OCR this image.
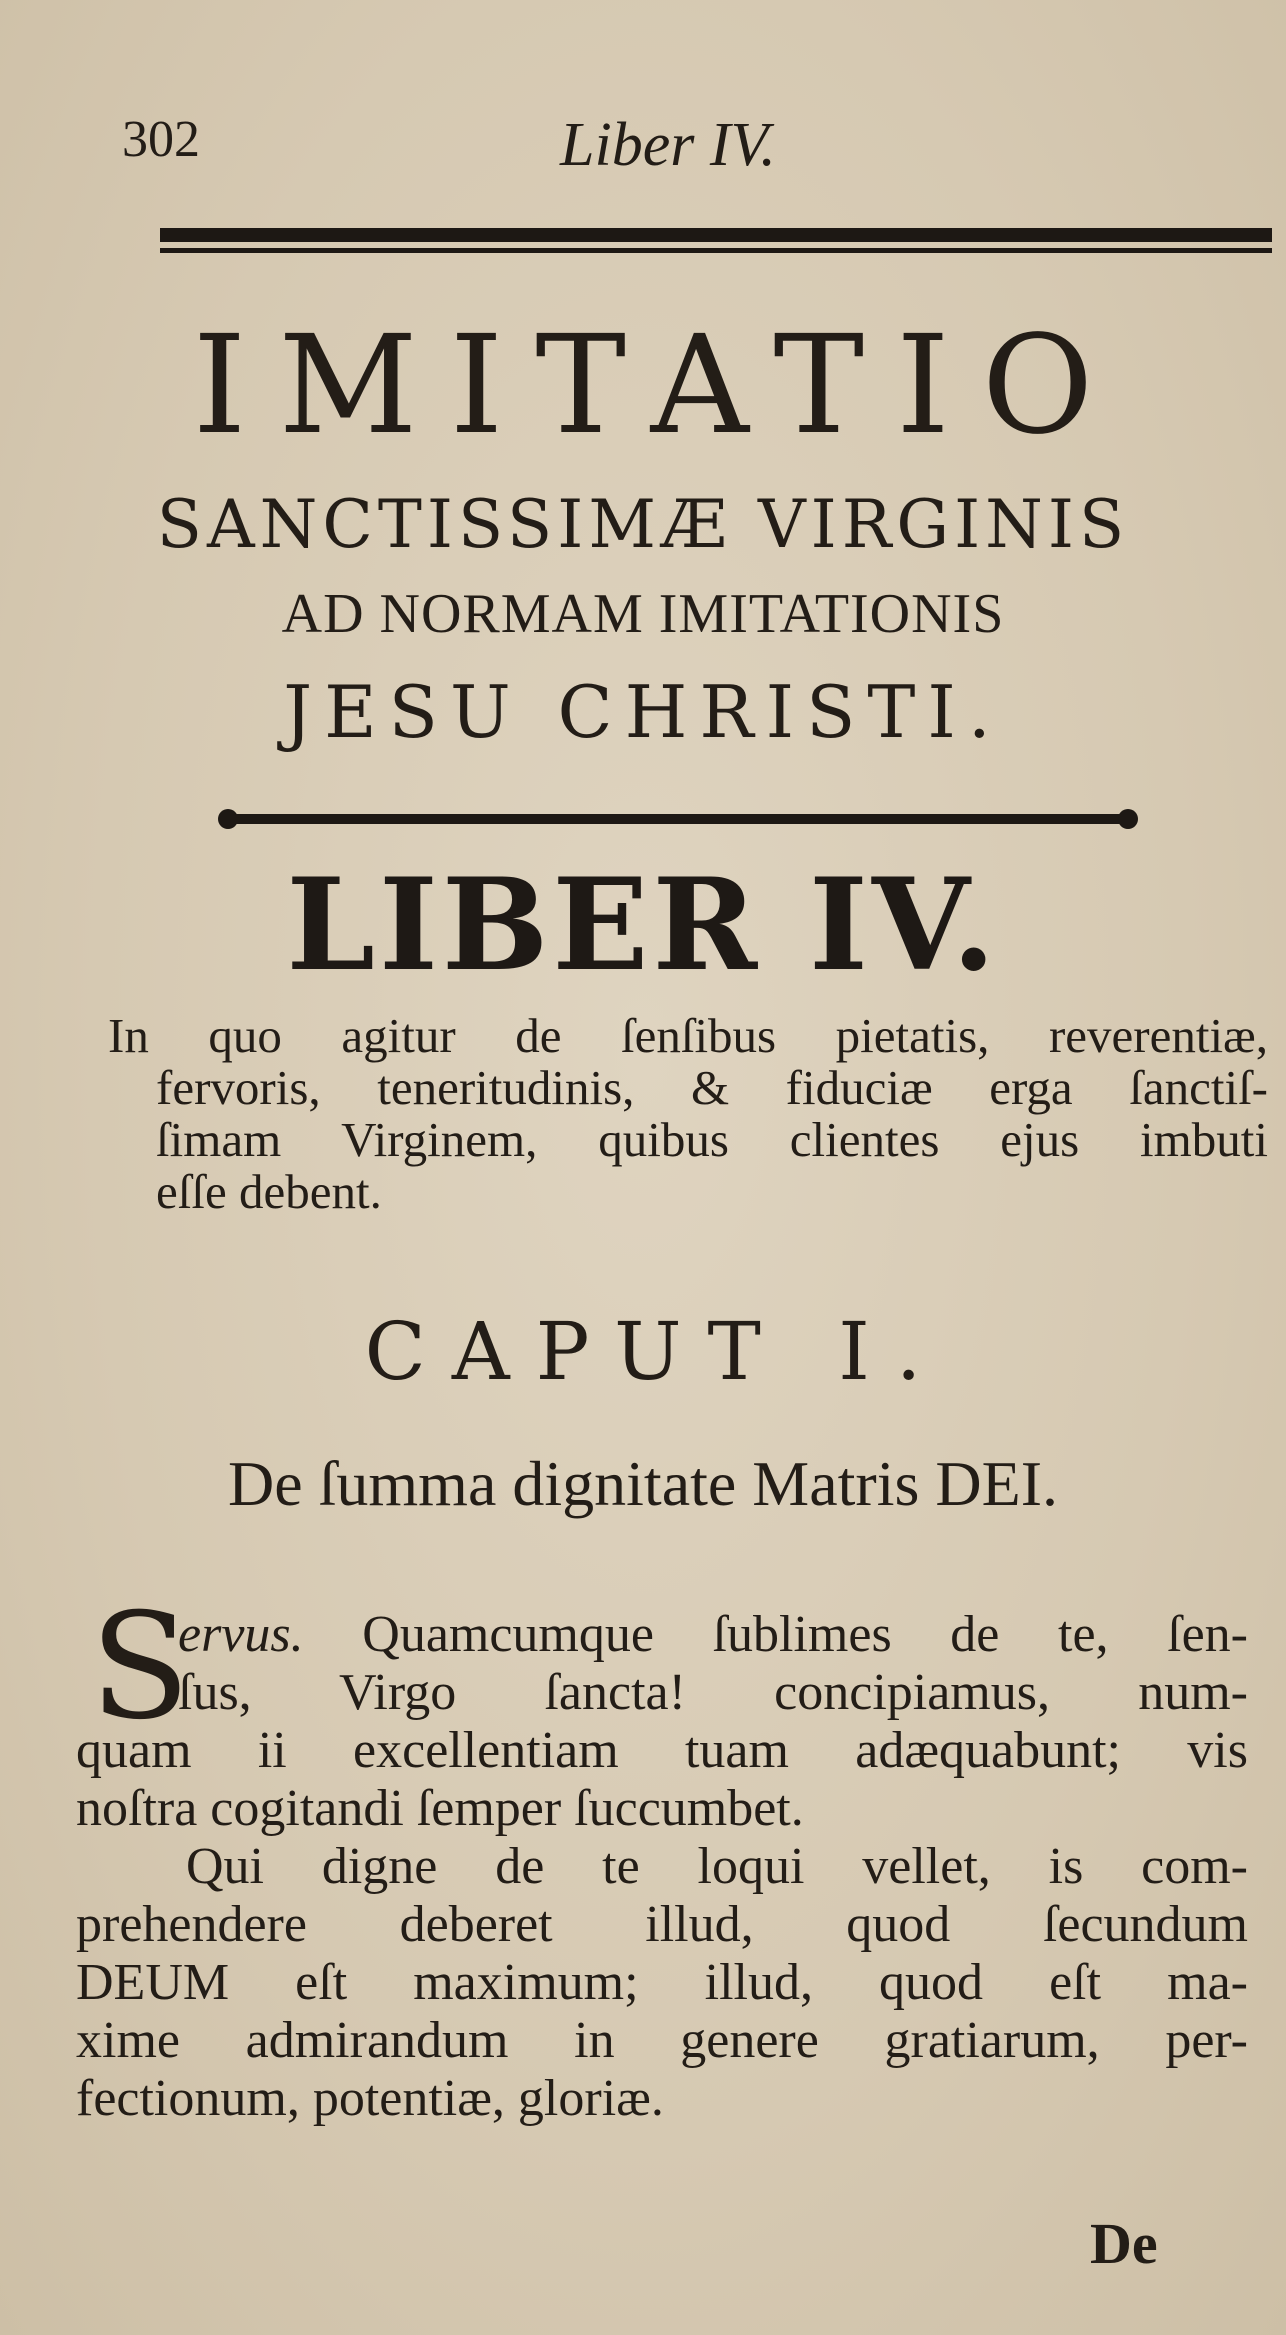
302	Liber IV.
IMITATIO
SANCTISSIMÆ VIRGINIS
AD NORMAM IMITATIONIS
JESU CHRISTI.
LIBER IV.
In quo agitur de ſenſibus pietatis, reverentiæ,
fervoris, teneritudinis, & fiduciæ erga ſanctiſ-
ſimam Virginem, quibus clientes ejus imbuti
eſſe debent.
CAPUT I.
De ſumma dignitate Matris DEI.
S
ervus. Quamcumque ſublimes de te, ſen-
ſus, Virgo ſancta! concipiamus, num-
quam ii excellentiam tuam adæquabunt; vis
noſtra cogitandi ſemper ſuccumbet.
Qui digne de te loqui vellet, is com-
prehendere deberet illud, quod ſecundum
DEUM eſt maximum; illud, quod eſt ma-
xime admirandum in genere gratiarum, per-
fectionum, potentiæ, gloriæ.
De
